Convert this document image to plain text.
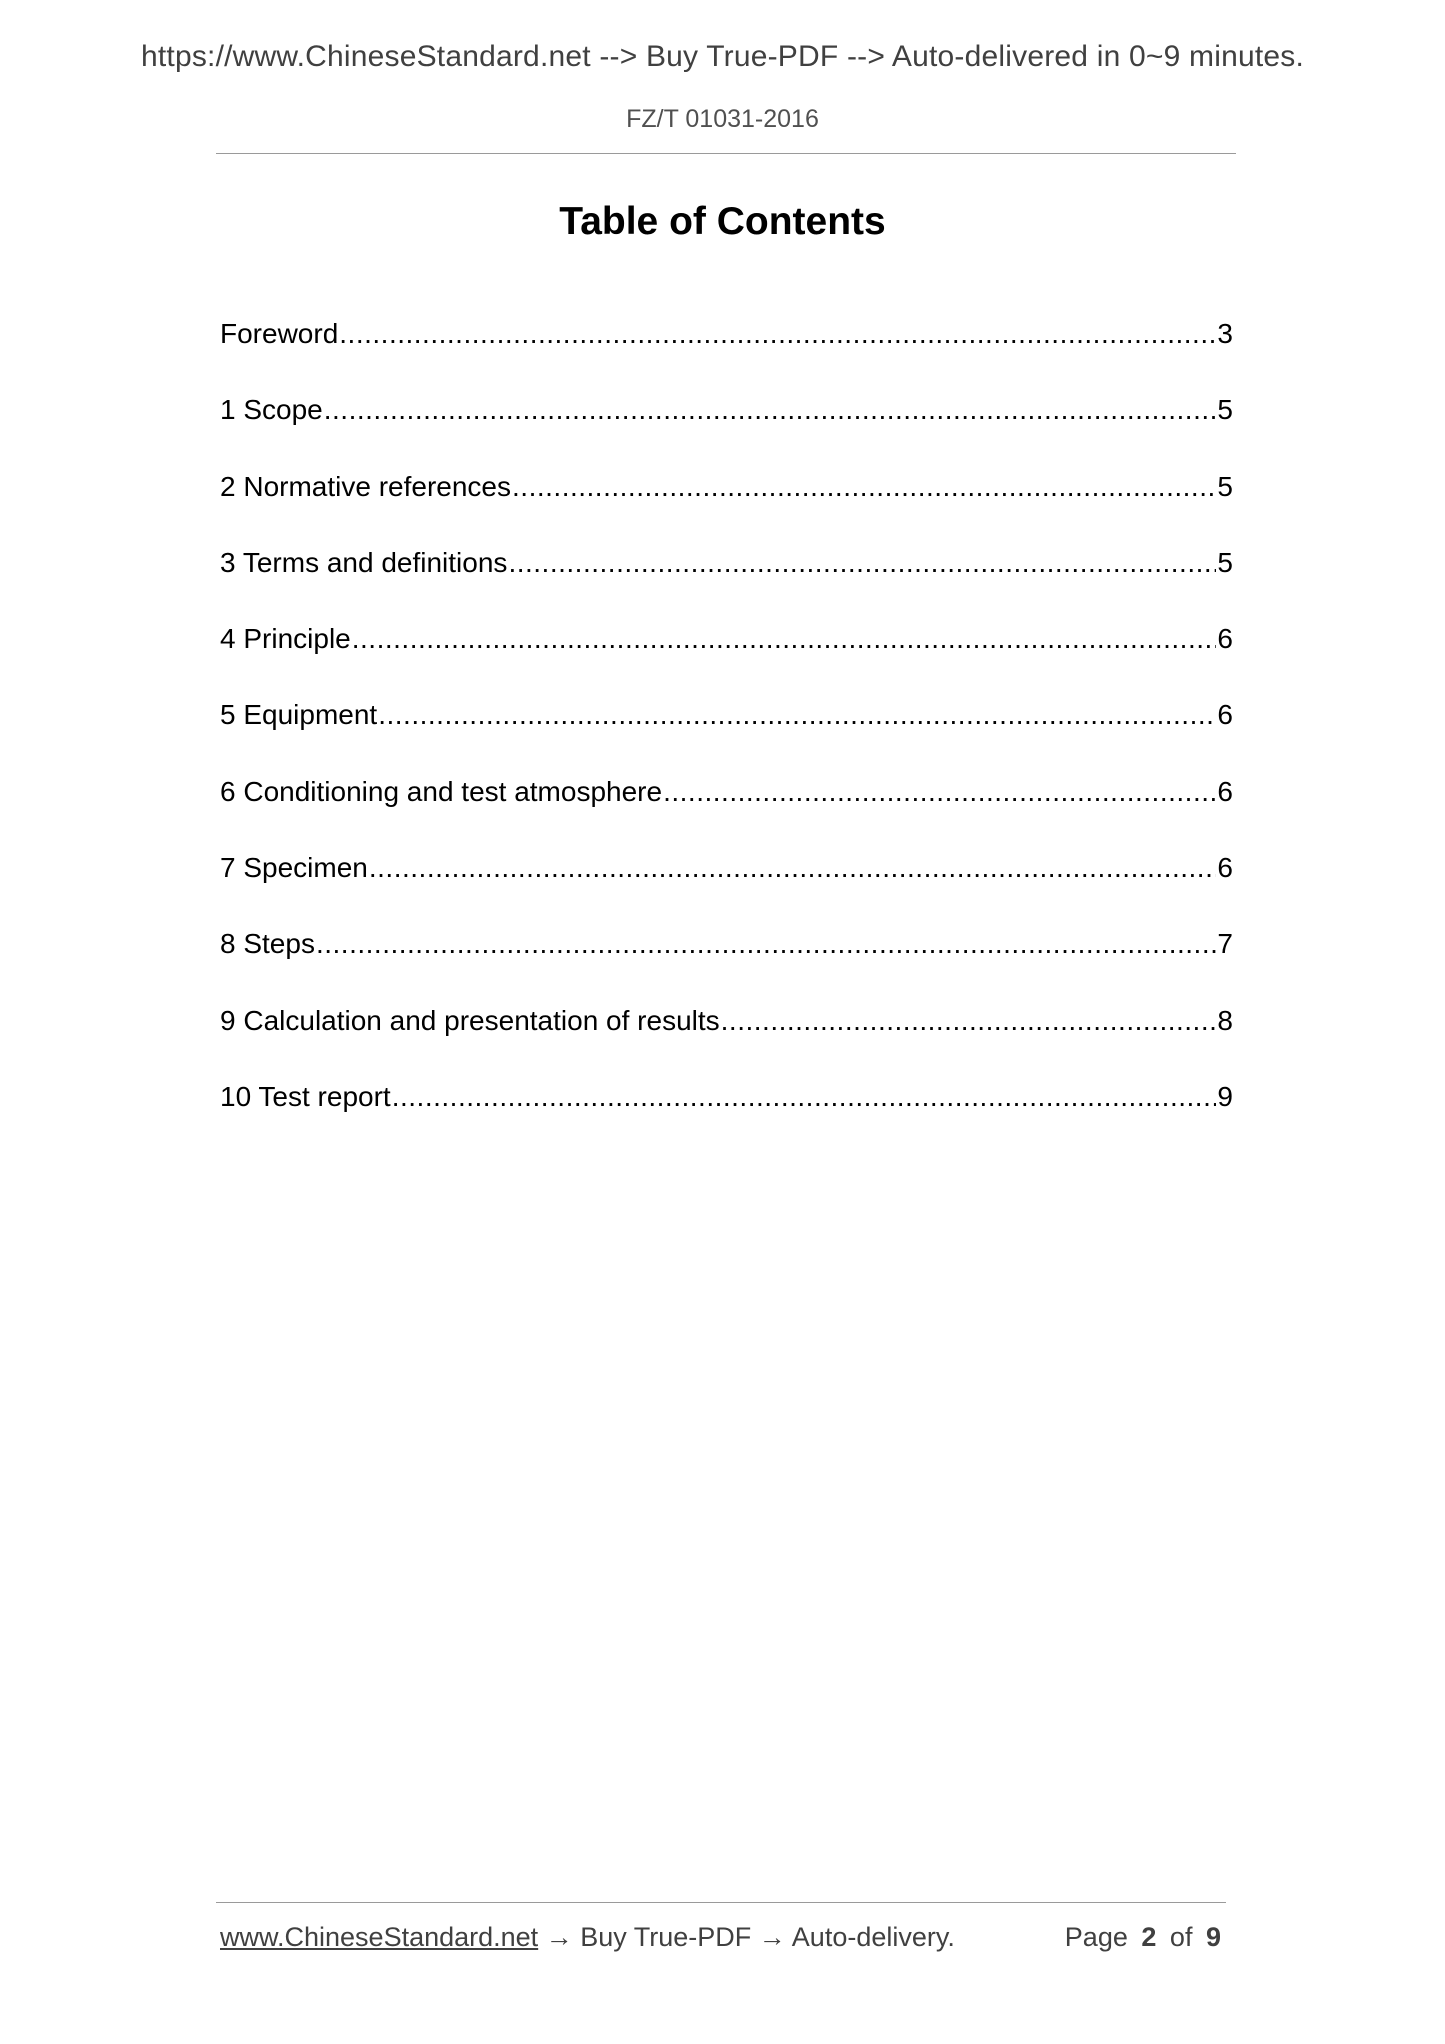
https://www.ChineseStandard.net --> Buy True-PDF --> Auto-delivered in 0~9 minutes.
FZ/T 01031-2016
Table of Contents
Foreword .....	3
1 Scope .....	5
2 Normative references .....	5
3 Terms and definitions .....	5
4 Principle .....	6
5 Equipment .....	6
6 Conditioning and test atmosphere .....	6
7 Specimen .....	6
8 Steps .....	7
9 Calculation and presentation of results .....	8
10 Test report .....	9
www.ChineseStandard.net → Buy True-PDF → Auto-delivery.	Page 2 of 9
